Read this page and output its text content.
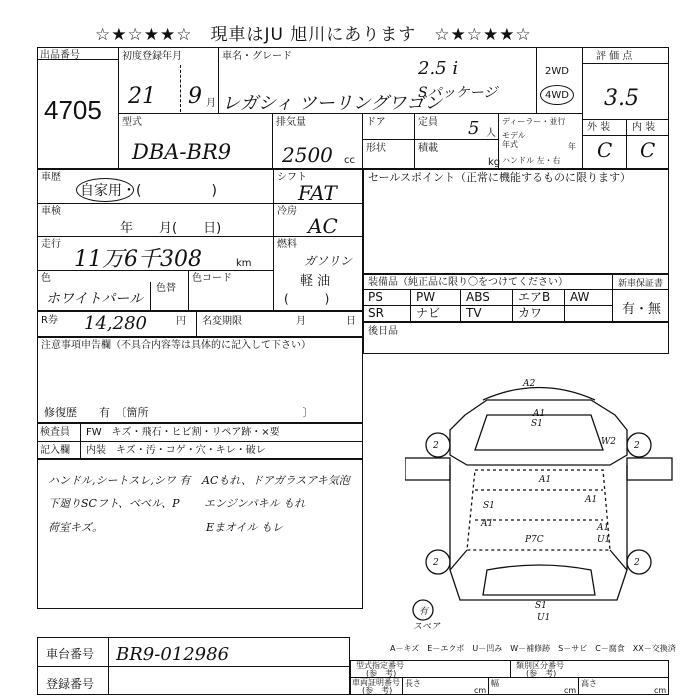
☆★☆★★☆　現車はJU 旭川にあります　☆★☆★★☆
出品番号
4705
初度登録年月
21 9 月
車名・グレード
2.5 i
Sパッケージ
レガシィ ツーリングワゴン
2WD
4WD
評 価 点
3.5
外 装 内 装
C C
型式
DBA-BR9
排気量
2500 cc
ドア
形状
定員 5 人
積載
kg
ディーラー・並行
モデル年式	年
ハンドル 左・右
車歴
自家用・(　　　　　)
シフト
FAT
車検
年　　月(　　日)
冷房
AC
走行
11万6千308	km
燃料
ガソリン
軽 油
(　　　)
色
ホワイトパール
色替
色コード
セールスポイント（正常に機能するものに限ります）
装備品（純正品に限り〇をつけてください）	新車保証書
有・無
PS	PW	ABS エアB AW
SR	ナビ TV	カワ
R券 14,280	円 名変期限	月	日
後日品
注意事項申告欄（不具合内容等は具体的に記入して下さい）
修復歴　　有　〔箇所　　　　　　　　　　　　　　〕
検査員 FW　キズ・飛石・ヒビ割・リペア跡・×要
記入欄 内装　キズ・汚・コゲ・穴・キレ・破レ
ハンドル,シートスレ,シワ 有
下廻りSCフト、ベベル、P
荷室キズ。
ACもれ、ドアガラスアキ気泡
エンジンパキル もれ
Eまオイル もレ
A2
A1
S1
W2
S1
A1
A1
A1	A1
U1
P7C
S1
U1
2	2
2	2
有
スペア
A－キズ　E－エクボ　U－凹み　W－補修跡　S－サビ　C－腐食　XX－交換済
車台番号 BR9-012986
登録番号
型式指定番号
(参　考)
類別区分番号
(参　考)
車両証明番号
(参　考)
長さ
cm
幅
cm
高さ
cm
